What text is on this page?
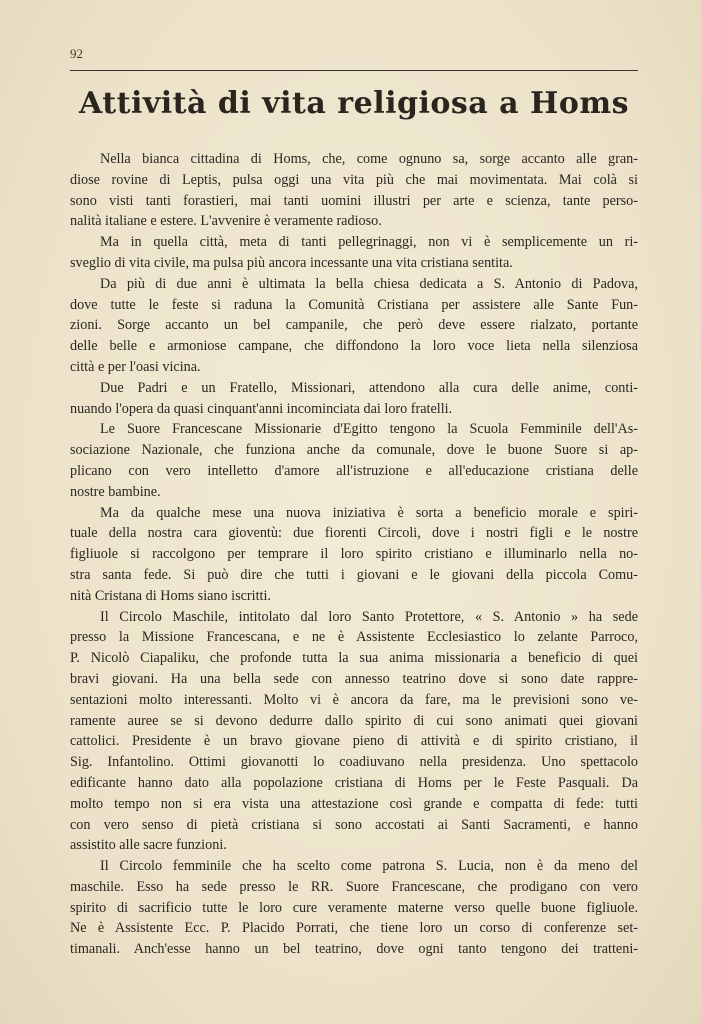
92
Attività di vita religiosa a Homs
Nella bianca cittadina di Homs, che, come ognuno sa, sorge accanto alle gran-
diose rovine di Leptis, pulsa oggi una vita più che mai movimentata. Mai colà si
sono visti tanti forastieri, mai tanti uomini illustri per arte e scienza, tante perso-
nalità italiane e estere. L'avvenire è veramente radioso.
Ma in quella città, meta di tanti pellegrinaggi, non vi è semplicemente un ri-
sveglio di vita civile, ma pulsa più ancora incessante una vita cristiana sentita.
Da più di due anni è ultimata la bella chiesa dedicata a S. Antonio di Padova,
dove tutte le feste si raduna la Comunità Cristiana per assistere alle Sante Fun-
zioni. Sorge accanto un bel campanile, che però deve essere rialzato, portante
delle belle e armoniose campane, che diffondono la loro voce lieta nella silenziosa
città e per l'oasi vicina.
Due Padri e un Fratello, Missionari, attendono alla cura delle anime, conti-
nuando l'opera da quasi cinquant'anni incominciata dai loro fratelli.
Le Suore Francescane Missionarie d'Egitto tengono la Scuola Femminile dell'As-
sociazione Nazionale, che funziona anche da comunale, dove le buone Suore si ap-
plicano con vero intelletto d'amore all'istruzione e all'educazione cristiana delle
nostre bambine.
Ma da qualche mese una nuova iniziativa è sorta a beneficio morale e spiri-
tuale della nostra cara gioventù: due fiorenti Circoli, dove i nostri figli e le nostre
figliuole si raccolgono per temprare il loro spirito cristiano e illuminarlo nella no-
stra santa fede. Si può dire che tutti i giovani e le giovani della piccola Comu-
nità Cristana di Homs siano iscritti.
Il Circolo Maschile, intitolato dal loro Santo Protettore, « S. Antonio » ha sede
presso la Missione Francescana, e ne è Assistente Ecclesiastico lo zelante Parroco,
P. Nicolò Ciapaliku, che profonde tutta la sua anima missionaria a beneficio di quei
bravi giovani. Ha una bella sede con annesso teatrino dove si sono date rappre-
sentazioni molto interessanti. Molto vi è ancora da fare, ma le previsioni sono ve-
ramente auree se si devono dedurre dallo spirito di cui sono animati quei giovani
cattolici. Presidente è un bravo giovane pieno di attività e di spirito cristiano, il
Sig. Infantolino. Ottimi giovanotti lo coadiuvano nella presidenza. Uno spettacolo
edificante hanno dato alla popolazione cristiana di Homs per le Feste Pasquali. Da
molto tempo non si era vista una attestazione così grande e compatta di fede: tutti
con vero senso di pietà cristiana si sono accostati ai Santi Sacramenti, e hanno
assistito alle sacre funzioni.
Il Circolo femminile che ha scelto come patrona S. Lucia, non è da meno del
maschile. Esso ha sede presso le RR. Suore Francescane, che prodigano con vero
spirito di sacrificio tutte le loro cure veramente materne verso quelle buone figliuole.
Ne è Assistente Ecc. P. Placido Porrati, che tiene loro un corso di conferenze set-
timanali. Anch'esse hanno un bel teatrino, dove ogni tanto tengono dei tratteni-
